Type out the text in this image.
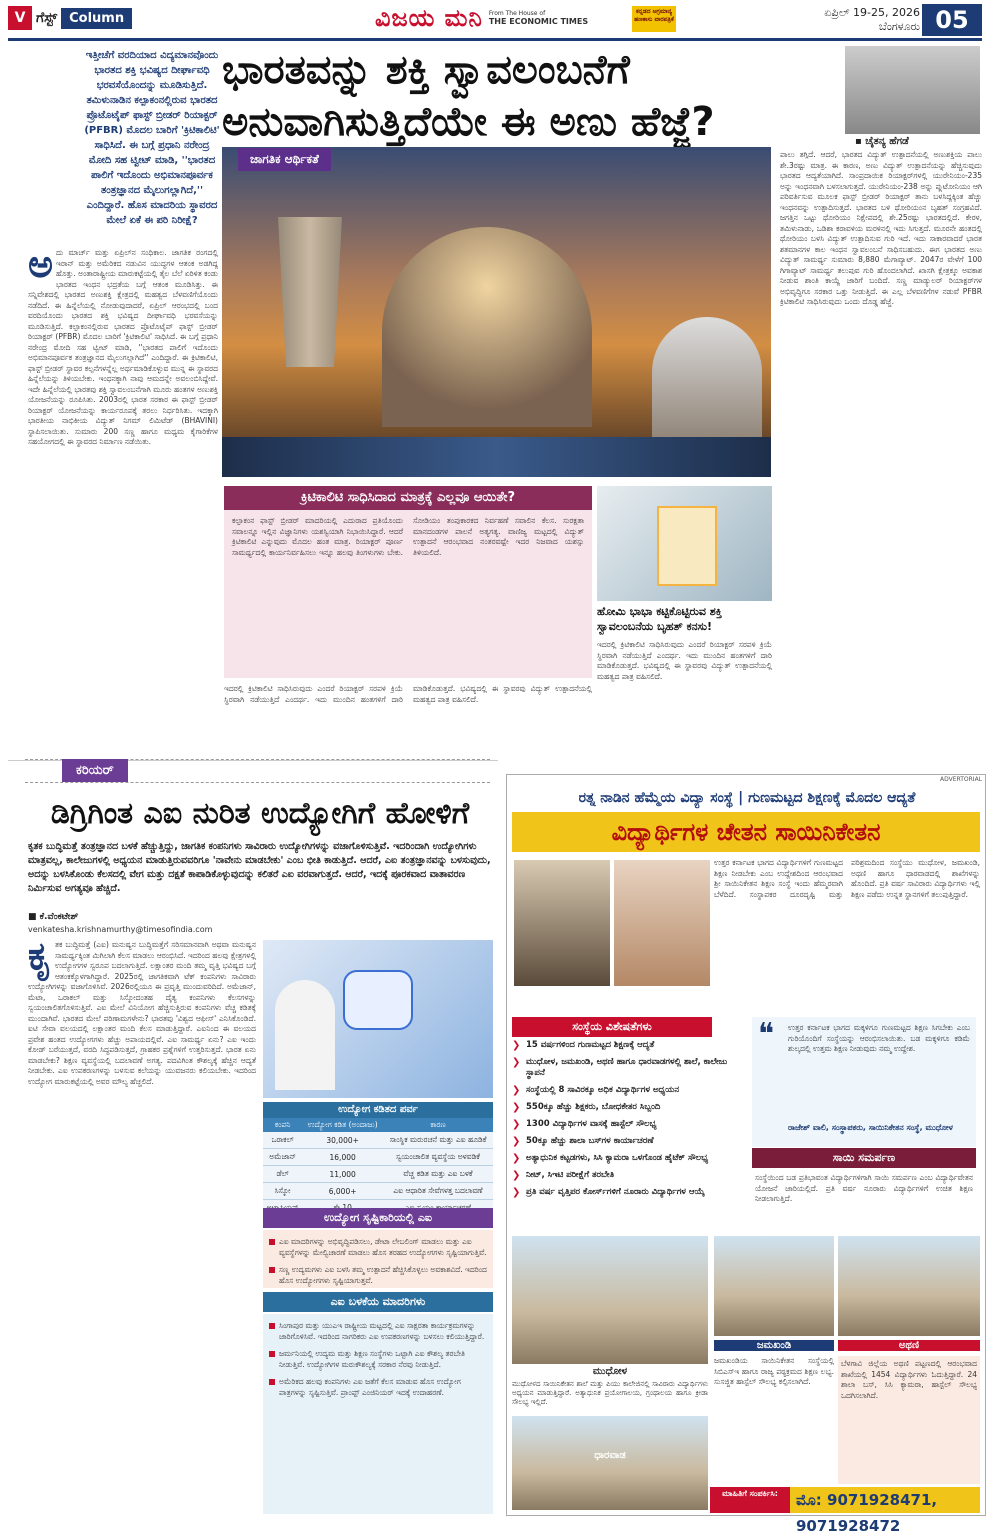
V ಗೆಸ್ಟ್ Column	ವಿಜಯ ಮನಿ From The House of
THE ECONOMIC TIMES
ಕನ್ನಡದ ಅಗ್ರಮಾನ್ಯ ಹಣಕಾಸು ವಾರಪತ್ರಿಕೆ
ಏಪ್ರಿಲ್ 19-25, 2026
ಬೆಂಗಳೂರು 05
ಇತ್ತೀಚೆಗೆ ವರದಿಯಾದ ವಿದ್ಯಮಾನವೊಂದು ಭಾರತದ ಶಕ್ತಿ ಭವಿಷ್ಯದ ದೀರ್ಘಾವಧಿ ಭರವಸೆಯೊಂದನ್ನು ಮೂಡಿಸುತ್ತಿದೆ. ತಮಿಳುನಾಡಿನ ಕಲ್ಪಾಕಂನಲ್ಲಿರುವ ಭಾರತದ ಪ್ರೊಟೊಟೈಪ್ ಫಾಸ್ಟ್ ಬ್ರೀಡರ್ ರಿಯಾಕ್ಟರ್ (PFBR) ಮೊದಲ ಬಾರಿಗೆ 'ಕ್ರಿಟಿಕಾಲಿಟಿ' ಸಾಧಿಸಿದೆ. ಈ ಬಗ್ಗೆ ಪ್ರಧಾನಿ ನರೇಂದ್ರ ಮೋದಿ ಸಹ ಟ್ವೀಟ್ ಮಾಡಿ, ''ಭಾರತದ ಪಾಲಿಗೆ ಇದೊಂದು ಅಭಿಮಾನಪೂರ್ವಕ ತಂತ್ರಜ್ಞಾನದ ಮೈಲುಗಲ್ಲಾಗಿದೆ,'' ಎಂದಿದ್ದಾರೆ. ಹೊಸ ಮಾದರಿಯ ಸ್ಥಾವರದ ಮೇಲೆ ಏಕೆ ಈ ಪರಿ ನಿರೀಕ್ಷೆ?
ಭಾರತವನ್ನು ಶಕ್ತಿ ಸ್ವಾವಲಂಬನೆಗೆ ಅನುವಾಗಿಸುತ್ತಿದೆಯೇ ಈ ಅಣು ಹೆಜ್ಜೆ?	▪ ಚೈತನ್ಯ ಹೆಗಡೆ
ಜಾಗತಿಕ ಆರ್ಥಿಕತೆ
ಅದು ಮಾರ್ಚ್ ಮತ್ತು ಏಪ್ರಿಲ್‌ನ ಸಂಧಿಕಾಲ. ಜಾಗತಿಕ ರಂಗದಲ್ಲಿ ಇರಾನ್ ಮತ್ತು ಅಮೆರಿಕದ ನಡುವಿನ ಯುದ್ಧಗಳ ಆತಂಕ ಅಡಗಿದ್ದ ಹೊತ್ತು. ಅಂತಾರಾಷ್ಟ್ರೀಯ ಮಾರುಕಟ್ಟೆಯಲ್ಲಿ ತೈಲ ಬೆಲೆ ಏರಿಳಿತ ಕಂಡು ಭಾರತದ ಇಂಧನ ಭದ್ರತೆಯ ಬಗ್ಗೆ ಆತಂಕ ಮೂಡಿಸಿತ್ತು. ಈ ಸನ್ನಿವೇಶದಲ್ಲಿ ಭಾರತದ ಅಣುಶಕ್ತಿ ಕ್ಷೇತ್ರದಲ್ಲಿ ಮಹತ್ವದ ಬೆಳವಣಿಗೆಯೊಂದು ನಡೆದಿದೆ. ಈ ಹಿನ್ನೆಲೆಯಲ್ಲಿ ನೋಡುವುದಾದರೆ, ಏಪ್ರಿಲ್ ಆರಂಭದಲ್ಲಿ ಬಂದ ವರದಿಯೊಂದು ಭಾರತದ ಶಕ್ತಿ ಭವಿಷ್ಯದ ದೀರ್ಘಾವಧಿ ಭರವಸೆಯನ್ನು ಮೂಡಿಸುತ್ತಿದೆ. ಕಲ್ಪಾಕಂನಲ್ಲಿರುವ ಭಾರತದ ಪ್ರೊಟೊಟೈಪ್ ಫಾಸ್ಟ್ ಬ್ರೀಡರ್ ರಿಯಾಕ್ಟರ್ (PFBR) ಮೊದಲ ಬಾರಿಗೆ 'ಕ್ರಿಟಿಕಾಲಿಟಿ' ಸಾಧಿಸಿದೆ. ಈ ಬಗ್ಗೆ ಪ್ರಧಾನಿ ನರೇಂದ್ರ ಮೋದಿ ಸಹ ಟ್ವೀಟ್ ಮಾಡಿ, ''ಭಾರತದ ಪಾಲಿಗೆ ಇದೊಂದು ಅಭಿಮಾನಪೂರ್ವಕ ತಂತ್ರಜ್ಞಾನದ ಮೈಲುಗಲ್ಲಾಗಿದೆ'' ಎಂದಿದ್ದಾರೆ. ಈ ಕ್ರಿಟಿಕಾಲಿಟಿ, ಫಾಸ್ಟ್ ಬ್ರೀಡರ್ ಸ್ಥಾವರ ಕಲ್ಪನೆಗಳನ್ನೆಲ್ಲ ಅರ್ಥಮಾಡಿಕೊಳ್ಳುವ ಮುನ್ನ ಈ ಸ್ಥಾವರದ ಹಿನ್ನೆಲೆಯನ್ನು ತಿಳಿಯಬೇಕು. ಇಂಧನಕ್ಕಾಗಿ ನಾವು ಆಮದನ್ನೇ ಅವಲಂಬಿಸಿದ್ದೇವೆ. ಇದೇ ಹಿನ್ನೆಲೆಯಲ್ಲಿ ಭಾರತವು ಶಕ್ತಿ ಸ್ವಾವಲಂಬನೆಗಾಗಿ ಮೂರು ಹಂತಗಳ ಅಣುಶಕ್ತಿ ಯೋಜನೆಯನ್ನು ರೂಪಿಸಿತು. 2003ರಲ್ಲಿ ಭಾರತ ಸರಕಾರ ಈ ಫಾಸ್ಟ್ ಬ್ರೀಡರ್ ರಿಯಾಕ್ಟರ್ ಯೋಜನೆಯನ್ನು ಕಾರ್ಯರೂಪಕ್ಕೆ ತರಲು ನಿರ್ಧರಿಸಿತು. ಇದಕ್ಕಾಗಿ ಭಾರತೀಯ ನಾಭಿಕೀಯ ವಿದ್ಯುತ್ ನಿಗಮ್ ಲಿಮಿಟೆಡ್ (BHAVINI) ಸ್ಥಾಪಿಸಲಾಯಿತು. ಸುಮಾರು 200 ಸಣ್ಣ ಹಾಗೂ ಮಧ್ಯಮ ಕೈಗಾರಿಕೆಗಳ ಸಹಯೋಗದಲ್ಲಿ ಈ ಸ್ಥಾವರದ ನಿರ್ಮಾಣ ನಡೆಯಿತು.
ಪಾಲು ತಗ್ಗಿದೆ. ಆದರೆ, ಭಾರತದ ವಿದ್ಯುತ್ ಉತ್ಪಾದನೆಯಲ್ಲಿ ಅಣುಶಕ್ತಿಯ ಪಾಲು ಶೇ.3ರಷ್ಟು ಮಾತ್ರ. ಈ ಕಾರಣ, ಅಣು ವಿದ್ಯುತ್ ಉತ್ಪಾದನೆಯನ್ನು ಹೆಚ್ಚಿಸುವುದು ಭಾರತದ ಆದ್ಯತೆಯಾಗಿದೆ. ಸಾಂಪ್ರದಾಯಿಕ ರಿಯಾಕ್ಟರ್‌ಗಳಲ್ಲಿ ಯುರೇನಿಯಂ-235 ಅನ್ನು ಇಂಧನವಾಗಿ ಬಳಸಲಾಗುತ್ತದೆ. ಯುರೇನಿಯಂ-238 ಅನ್ನು ಪ್ಲುಟೋನಿಯಂ ಆಗಿ ಪರಿವರ್ತಿಸುವ ಮೂಲಕ ಫಾಸ್ಟ್ ಬ್ರೀಡರ್ ರಿಯಾಕ್ಟರ್ ತಾನು ಬಳಸಿದ್ದಕ್ಕಿಂತ ಹೆಚ್ಚು ಇಂಧನವನ್ನು ಉತ್ಪಾದಿಸುತ್ತದೆ. ಭಾರತದ ಬಳಿ ಥೋರಿಯಂನ ಬೃಹತ್ ಸಂಗ್ರಹವಿದೆ. ಜಗತ್ತಿನ ಒಟ್ಟು ಥೋರಿಯಂ ನಿಕ್ಷೇಪದಲ್ಲಿ ಶೇ.25ರಷ್ಟು ಭಾರತದಲ್ಲಿದೆ. ಕೇರಳ, ತಮಿಳುನಾಡು, ಒಡಿಶಾ ಕರಾವಳಿಯ ಮರಳಿನಲ್ಲಿ ಇದು ಸಿಗುತ್ತದೆ. ಮೂರನೇ ಹಂತದಲ್ಲಿ ಥೋರಿಯಂ ಬಳಸಿ ವಿದ್ಯುತ್ ಉತ್ಪಾದಿಸುವ ಗುರಿ ಇದೆ. ಇದು ಸಾಕಾರವಾದರೆ ಭಾರತ ಶತಮಾನಗಳ ಕಾಲ ಇಂಧನ ಸ್ವಾವಲಂಬನೆ ಸಾಧಿಸಬಹುದು. ಈಗ ಭಾರತದ ಅಣು ವಿದ್ಯುತ್ ಸಾಮರ್ಥ್ಯ ಸುಮಾರು 8,880 ಮೆಗಾವ್ಯಾಟ್. 2047ರ ವೇಳೆಗೆ 100 ಗಿಗಾವ್ಯಾಟ್ ಸಾಮರ್ಥ್ಯ ತಲುಪುವ ಗುರಿ ಹೊಂದಲಾಗಿದೆ. ಖಾಸಗಿ ಕ್ಷೇತ್ರಕ್ಕೂ ಅವಕಾಶ ನೀಡುವ ಶಾಂತಿ ಕಾಯ್ದೆ ಜಾರಿಗೆ ಬಂದಿದೆ. ಸಣ್ಣ ಮಾಡ್ಯುಲರ್ ರಿಯಾಕ್ಟರ್‌ಗಳ ಅಭಿವೃದ್ಧಿಗೂ ಸರಕಾರ ಒತ್ತು ನೀಡುತ್ತಿದೆ. ಈ ಎಲ್ಲ ಬೆಳವಣಿಗೆಗಳ ನಡುವೆ PFBR ಕ್ರಿಟಿಕಾಲಿಟಿ ಸಾಧಿಸಿರುವುದು ಒಂದು ದೊಡ್ಡ ಹೆಜ್ಜೆ.
ಕ್ರಿಟಿಕಾಲಿಟಿ ಸಾಧಿಸಿದಾದ ಮಾತ್ರಕ್ಕೆ ಎಲ್ಲವೂ ಆಯಿತೇ?
ಕಲ್ಪಾಕಂನ ಫಾಸ್ಟ್ ಬ್ರೀಡರ್ ಮಾದರಿಯಲ್ಲಿ ಎದುರಾದ ಪ್ರತಿಯೊಂದು ಸವಾಲನ್ನೂ ಇಲ್ಲಿನ ವಿಜ್ಞಾನಿಗಳು ಯಶಸ್ವಿಯಾಗಿ ನಿಭಾಯಿಸಿದ್ದಾರೆ. ಆದರೆ ಕ್ರಿಟಿಕಾಲಿಟಿ ಎನ್ನುವುದು ಮೊದಲ ಹಂತ ಮಾತ್ರ. ರಿಯಾಕ್ಟರ್ ಪೂರ್ಣ ಸಾಮರ್ಥ್ಯದಲ್ಲಿ ಕಾರ್ಯನಿರ್ವಹಿಸಲು ಇನ್ನೂ ಹಲವು ತಿಂಗಳುಗಳು ಬೇಕು. ಸೋಡಿಯಂ ತಂಪುಕಾರಕದ ನಿರ್ವಹಣೆ ಸವಾಲಿನ ಕೆಲಸ. ಸುರಕ್ಷತಾ ಮಾನದಂಡಗಳ ಪಾಲನೆ ಅತ್ಯಗತ್ಯ. ವಾಣಿಜ್ಯ ಮಟ್ಟದಲ್ಲಿ ವಿದ್ಯುತ್ ಉತ್ಪಾದನೆ ಆರಂಭವಾದ ನಂತರವಷ್ಟೇ ಇದರ ನಿಜವಾದ ಯಶಸ್ಸು ತಿಳಿಯಲಿದೆ.
ಹೋಮಿ ಭಾಭಾ ಕಟ್ಟಿಕೊಟ್ಟಿರುವ ಶಕ್ತಿ ಸ್ವಾವಲಂಬನೆಯ ಬೃಹತ್ ಕನಸು!
ಇದರಲ್ಲಿ ಕ್ರಿಟಿಕಾಲಿಟಿ ಸಾಧಿಸಿರುವುದು ಎಂದರೆ ರಿಯಾಕ್ಟರ್ ಸರಪಳಿ ಕ್ರಿಯೆ ಸ್ಥಿರವಾಗಿ ನಡೆಯುತ್ತಿದೆ ಎಂದರ್ಥ. ಇದು ಮುಂದಿನ ಹಂತಗಳಿಗೆ ದಾರಿ ಮಾಡಿಕೊಡುತ್ತದೆ. ಭವಿಷ್ಯದಲ್ಲಿ ಈ ಸ್ಥಾವರವು ವಿದ್ಯುತ್ ಉತ್ಪಾದನೆಯಲ್ಲಿ ಮಹತ್ವದ ಪಾತ್ರ ವಹಿಸಲಿದೆ.
ಇದರಲ್ಲಿ ಕ್ರಿಟಿಕಾಲಿಟಿ ಸಾಧಿಸಿರುವುದು ಎಂದರೆ ರಿಯಾಕ್ಟರ್ ಸರಪಳಿ ಕ್ರಿಯೆ ಸ್ಥಿರವಾಗಿ ನಡೆಯುತ್ತಿದೆ ಎಂದರ್ಥ. ಇದು ಮುಂದಿನ ಹಂತಗಳಿಗೆ ದಾರಿ ಮಾಡಿಕೊಡುತ್ತದೆ. ಭವಿಷ್ಯದಲ್ಲಿ ಈ ಸ್ಥಾವರವು ವಿದ್ಯುತ್ ಉತ್ಪಾದನೆಯಲ್ಲಿ ಮಹತ್ವದ ಪಾತ್ರ ವಹಿಸಲಿದೆ.
ಕರಿಯರ್
ಡಿಗ್ರಿಗಿಂತ ಎಐ ನುರಿತ ಉದ್ಯೋಗಿಗೆ ಹೋಳಿಗೆ
ಕೃತಕ ಬುದ್ಧಿಮತ್ತೆ ತಂತ್ರಜ್ಞಾನದ ಬಳಕೆ ಹೆಚ್ಚುತ್ತಿದ್ದು, ಜಾಗತಿಕ ಕಂಪನಿಗಳು ಸಾವಿರಾರು ಉದ್ಯೋಗಿಗಳನ್ನು ವಜಾಗೊಳಿಸುತ್ತಿವೆ. ಇದರಿಂದಾಗಿ ಉದ್ಯೋಗಿಗಳು ಮಾತ್ರವಲ್ಲ, ಕಾಲೇಜುಗಳಲ್ಲಿ ಅಧ್ಯಯನ ಮಾಡುತ್ತಿರುವವರಿಗೂ 'ನಾವೇನು ಮಾಡಬೇಕು' ಎಂಬ ಭೀತಿ ಕಾಡುತ್ತಿದೆ. ಆದರೆ, ಎಐ ತಂತ್ರಜ್ಞಾನವನ್ನು ಬಳಸುವುದು, ಅದನ್ನು ಬಳಸಿಕೊಂಡು ಕೆಲಸದಲ್ಲಿ ವೇಗ ಮತ್ತು ದಕ್ಷತೆ ಕಾಪಾಡಿಕೊಳ್ಳುವುದನ್ನು ಕಲಿತರೆ ಎಐ ವರವಾಗುತ್ತದೆ. ಆದರೆ, ಇದಕ್ಕೆ ಪೂರಕವಾದ ವಾತಾವರಣ ನಿರ್ಮಿಸುವ ಅಗತ್ಯವೂ ಹೆಚ್ಚಿದೆ.
■ ಕೆ.ವೆಂಕಟೇಶ್
venkatesha.krishnamurthy@timesofindia.com
ಕೃತಕ ಬುದ್ಧಿಮತ್ತೆ (ಎಐ) ಮನುಷ್ಯನ ಬುದ್ಧಿಮತ್ತೆಗೆ ಸರಿಸಮಾನವಾಗಿ ಅಥವಾ ಮನುಷ್ಯನ ಸಾಮರ್ಥ್ಯಕ್ಕಿಂತ ಮಿಗಿಲಾಗಿ ಕೆಲಸ ಮಾಡಲು ಆರಂಭಿಸಿದೆ. ಇದರಿಂದ ಹಲವು ಕ್ಷೇತ್ರಗಳಲ್ಲಿ ಉದ್ಯೋಗಗಳ ಸ್ವರೂಪ ಬದಲಾಗುತ್ತಿದೆ. ಲಕ್ಷಾಂತರ ಮಂದಿ ತಮ್ಮ ವೃತ್ತಿ ಭವಿಷ್ಯದ ಬಗ್ಗೆ ಆತಂಕಕ್ಕೊಳಗಾಗಿದ್ದಾರೆ. 2025ರಲ್ಲಿ ಜಾಗತಿಕವಾಗಿ ಟೆಕ್ ಕಂಪನಿಗಳು ಸಾವಿರಾರು ಉದ್ಯೋಗಿಗಳನ್ನು ವಜಾಗೊಳಿಸಿವೆ. 2026ರಲ್ಲಿಯೂ ಈ ಪ್ರವೃತ್ತಿ ಮುಂದುವರಿದಿದೆ. ಅಮೆಜಾನ್, ಮೆಟಾ, ಒರಾಕಲ್ ಮತ್ತು ಸಿಸ್ಕೋದಂತಹ ದೈತ್ಯ ಕಂಪನಿಗಳು ಕೆಲಸಗಳನ್ನು ಸ್ವಯಂಚಾಲಿತಗೊಳಿಸುತ್ತಿವೆ. ಎಐ ಮೇಲೆ ವಿನಿಯೋಗ ಹೆಚ್ಚಿಸುತ್ತಿರುವ ಕಂಪನಿಗಳು ವೆಚ್ಚ ಕಡಿತಕ್ಕೆ ಮುಂದಾಗಿವೆ. ಭಾರತದ ಮೇಲೆ ಪರಿಣಾಮಗಳೇನು? ಭಾರತವು 'ವಿಶ್ವದ ಆಫೀಸ್' ಎನಿಸಿಕೊಂಡಿದೆ. ಐಟಿ ಸೇವಾ ವಲಯದಲ್ಲಿ ಲಕ್ಷಾಂತರ ಮಂದಿ ಕೆಲಸ ಮಾಡುತ್ತಿದ್ದಾರೆ. ಎಐನಿಂದ ಈ ವಲಯದ ಪ್ರವೇಶ ಹಂತದ ಉದ್ಯೋಗಗಳು ಹೆಚ್ಚು ಅಪಾಯದಲ್ಲಿವೆ. ಎಐ ಸಾಮರ್ಥ್ಯ ಏನು? ಎಐ ಇಂದು ಕೋಡ್ ಬರೆಯುತ್ತದೆ, ವರದಿ ಸಿದ್ಧಪಡಿಸುತ್ತದೆ, ಗ್ರಾಹಕರ ಪ್ರಶ್ನೆಗಳಿಗೆ ಉತ್ತರಿಸುತ್ತದೆ. ಭಾರತ ಏನು ಮಾಡಬೇಕು? ಶಿಕ್ಷಣ ವ್ಯವಸ್ಥೆಯಲ್ಲಿ ಬದಲಾವಣೆ ಅಗತ್ಯ. ಪದವಿಗಿಂತ ಕೌಶಲ್ಯಕ್ಕೆ ಹೆಚ್ಚಿನ ಆದ್ಯತೆ ನೀಡಬೇಕು. ಎಐ ಉಪಕರಣಗಳನ್ನು ಬಳಸುವ ಕಲೆಯನ್ನು ಯುವಜನರು ಕಲಿಯಬೇಕು. ಇದರಿಂದ ಉದ್ಯೋಗ ಮಾರುಕಟ್ಟೆಯಲ್ಲಿ ಅವರ ಮೌಲ್ಯ ಹೆಚ್ಚಲಿದೆ.
ಉದ್ಯೋಗ ಕಡಿತದ ಪರ್ವ
ಕಂಪನಿ	ಉದ್ಯೋಗ ಕಡಿತ (ಅಂದಾಜು)	ಕಾರಣ
ಒರಾಕಲ್	30,000+	ಸಾಂಸ್ಥಿಕ ಮರುರಚನೆ ಮತ್ತು ಎಐ ಹೂಡಿಕೆ
ಅಮೆಜಾನ್	16,000	ಸ್ವಯಂಚಾಲಿತ ವ್ಯವಸ್ಥೆಯ ಅಳವಡಿಕೆ
ಡೆಲ್	11,000	ವೆಚ್ಚ ಕಡಿತ ಮತ್ತು ಎಐ ಬಳಕೆ
ಸಿಸ್ಕೋ	6,000+	ಎಐ ಆಧಾರಿತ ಸೇವೆಗಳತ್ತ ಬದಲಾವಣೆ

ಉದ್ಯೋಗ ಸೃಷ್ಟಿಕಾರಿಯಲ್ಲಿ ಎಐ
ಎಐ ಮಾದರಿಗಳನ್ನು ಅಭಿವೃದ್ಧಿಪಡಿಸಲು, ಡೇಟಾ ಲೇಬಲಿಂಗ್ ಮಾಡಲು ಮತ್ತು ಎಐ ವ್ಯವಸ್ಥೆಗಳನ್ನು ಮೇಲ್ವಿಚಾರಣೆ ಮಾಡಲು ಹೊಸ ತರಹದ ಉದ್ಯೋಗಗಳು ಸೃಷ್ಟಿಯಾಗುತ್ತಿವೆ.
ಸಣ್ಣ ಉದ್ಯಮಗಳು ಎಐ ಬಳಸಿ ತಮ್ಮ ಉತ್ಪಾದನೆ ಹೆಚ್ಚಿಸಿಕೊಳ್ಳಲು ಅವಕಾಶವಿದೆ. ಇದರಿಂದ ಹೊಸ ಉದ್ಯೋಗಗಳು ಸೃಷ್ಟಿಯಾಗುತ್ತವೆ.
ಎಐ ಬಳಕೆಯ ಮಾದರಿಗಳು
ಸಿಂಗಾಪುರ ಮತ್ತು ಯುಎಇ ರಾಷ್ಟ್ರೀಯ ಮಟ್ಟದಲ್ಲಿ ಎಐ ಸಾಕ್ಷರತಾ ಕಾರ್ಯಕ್ರಮಗಳನ್ನು ಜಾರಿಗೊಳಿಸಿವೆ. ಇದರಿಂದ ನಾಗರಿಕರು ಎಐ ಉಪಕರಣಗಳನ್ನು ಬಳಸಲು ಕಲಿಯುತ್ತಿದ್ದಾರೆ.
ಜರ್ಮನಿಯಲ್ಲಿ ಉದ್ಯಮ ಮತ್ತು ಶಿಕ್ಷಣ ಸಂಸ್ಥೆಗಳು ಒಟ್ಟಾಗಿ ಎಐ ಕೌಶಲ್ಯ ತರಬೇತಿ ನೀಡುತ್ತಿವೆ. ಉದ್ಯೋಗಿಗಳ ಮರುಕೌಶಲ್ಯಕ್ಕೆ ಸರಕಾರ ನೆರವು ನೀಡುತ್ತಿದೆ.
ಅಮೆರಿಕದ ಹಲವು ಕಂಪನಿಗಳು ಎಐ ಜತೆಗೆ ಕೆಲಸ ಮಾಡುವ ಹೊಸ ಉದ್ಯೋಗ ಪಾತ್ರಗಳನ್ನು ಸೃಷ್ಟಿಸುತ್ತಿವೆ. ಪ್ರಾಂಪ್ಟ್ ಎಂಜಿನಿಯರ್ ಇದಕ್ಕೆ ಉದಾಹರಣೆ.
ADVERTORIAL
ರತ್ನ ನಾಡಿನ ಹೆಮ್ಮೆಯ ವಿದ್ಯಾ ಸಂಸ್ಥೆ | ಗುಣಮಟ್ಟದ ಶಿಕ್ಷಣಕ್ಕೆ ಮೊದಲ ಆದ್ಯತೆ
ವಿದ್ಯಾರ್ಥಿಗಳ ಚೇತನ ಸಾಯಿನಿಕೇತನ
ಉತ್ತರ ಕರ್ನಾಟಕ ಭಾಗದ ವಿದ್ಯಾರ್ಥಿಗಳಿಗೆ ಗುಣಮಟ್ಟದ ಶಿಕ್ಷಣ ನೀಡಬೇಕು ಎಂಬ ಉದ್ದೇಶದಿಂದ ಆರಂಭವಾದ ಶ್ರೀ ಸಾಯಿನಿಕೇತನ ಶಿಕ್ಷಣ ಸಂಸ್ಥೆ ಇಂದು ಹೆಮ್ಮರವಾಗಿ ಬೆಳೆದಿದೆ. ಸಂಸ್ಥಾಪಕರ ದೂರದೃಷ್ಟಿ ಮತ್ತು ಪರಿಶ್ರಮದಿಂದ ಸಂಸ್ಥೆಯು ಮುಧೋಳ, ಜಮಖಂಡಿ, ಅಥಣಿ ಹಾಗೂ ಧಾರವಾಡದಲ್ಲಿ ಶಾಖೆಗಳನ್ನು ಹೊಂದಿದೆ. ಪ್ರತಿ ವರ್ಷ ಸಾವಿರಾರು ವಿದ್ಯಾರ್ಥಿಗಳು ಇಲ್ಲಿ ಶಿಕ್ಷಣ ಪಡೆದು ಉನ್ನತ ಸ್ಥಾನಗಳಿಗೆ ತಲುಪುತ್ತಿದ್ದಾರೆ.
ಸಂಸ್ಥೆಯ ವಿಶೇಷತೆಗಳು
❯ 15 ವರ್ಷಗಳಿಂದ ಗುಣಮಟ್ಟದ ಶಿಕ್ಷಣಕ್ಕೆ ಆದ್ಯತೆ
❯ ಮುಧೋಳ, ಜಮಖಂಡಿ, ಅಥಣಿ ಹಾಗೂ ಧಾರವಾಡಗಳಲ್ಲಿ ಶಾಲೆ, ಕಾಲೇಜು ಸ್ಥಾಪನೆ
❯ ಸಂಸ್ಥೆಯಲ್ಲಿ 8 ಸಾವಿರಕ್ಕೂ ಅಧಿಕ ವಿದ್ಯಾರ್ಥಿಗಳ ಅಧ್ಯಯನ
❯ 550ಕ್ಕೂ ಹೆಚ್ಚು ಶಿಕ್ಷಕರು, ಬೋಧಕೇತರ ಸಿಬ್ಬಂದಿ
❯ 1300 ವಿದ್ಯಾರ್ಥಿಗಳ ವಾಸಕ್ಕೆ ಹಾಸ್ಟೆಲ್ ಸೌಲಭ್ಯ
❯ 50ಕ್ಕೂ ಹೆಚ್ಚು ಶಾಲಾ ಬಸ್‌ಗಳ ಕಾರ್ಯಾಚರಣೆ
❯ ಅತ್ಯಾಧುನಿಕ ಕಟ್ಟಡಗಳು, ಸಿಸಿ ಕ್ಯಾಮರಾ ಒಳಗೊಂಡ ಹೈಟೆಕ್ ಸೌಲಭ್ಯ
❯ ನೀಟ್, ಸಿಇಟಿ ಪರೀಕ್ಷೆಗೆ ತರಬೇತಿ
❯ ಪ್ರತಿ ವರ್ಷ ವೃತ್ತಿಪರ ಕೋರ್ಸ್‌ಗಳಿಗೆ ನೂರಾರು ವಿದ್ಯಾರ್ಥಿಗಳ ಆಯ್ಕೆ
❝ ಉತ್ತರ ಕರ್ನಾಟಕ ಭಾಗದ ಮಕ್ಕಳಿಗೂ ಗುಣಮಟ್ಟದ ಶಿಕ್ಷಣ ಸಿಗಬೇಕು ಎಂಬ ಗುರಿಯೊಂದಿಗೆ ಸಂಸ್ಥೆಯನ್ನು ಆರಂಭಿಸಲಾಯಿತು. ಬಡ ಮಕ್ಕಳಿಗೂ ಕಡಿಮೆ ಶುಲ್ಕದಲ್ಲಿ ಉತ್ತಮ ಶಿಕ್ಷಣ ನೀಡುವುದು ನಮ್ಮ ಉದ್ದೇಶ.
ರಾಜೇಶ್ ವಾಲಿ, ಸಂಸ್ಥಾಪಕರು, ಸಾಯಿನಿಕೇತನ ಸಂಸ್ಥೆ, ಮುಧೋಳ
ಸಾಯಿ ಸಮರ್ಪಣ
ಸಂಸ್ಥೆಯಿಂದ ಬಡ ಪ್ರತಿಭಾವಂತ ವಿದ್ಯಾರ್ಥಿಗಳಿಗಾಗಿ ಸಾಯಿ ಸಮರ್ಪಣ ಎಂಬ ವಿದ್ಯಾರ್ಥಿವೇತನ ಯೋಜನೆ ಜಾರಿಯಲ್ಲಿದೆ. ಪ್ರತಿ ವರ್ಷ ನೂರಾರು ವಿದ್ಯಾರ್ಥಿಗಳಿಗೆ ಉಚಿತ ಶಿಕ್ಷಣ ನೀಡಲಾಗುತ್ತಿದೆ.
ಮುಧೋಳ
ಜಮಖಂಡಿ	ಅಥಣಿ
ಮುಧೋಳದ ಸಾಯಿನಿಕೇತನ ಶಾಲೆ ಮತ್ತು ಪಿಯು ಕಾಲೇಜಿನಲ್ಲಿ ಸಾವಿರಾರು ವಿದ್ಯಾರ್ಥಿಗಳು ಅಧ್ಯಯನ ಮಾಡುತ್ತಿದ್ದಾರೆ. ಅತ್ಯಾಧುನಿಕ ಪ್ರಯೋಗಾಲಯ, ಗ್ರಂಥಾಲಯ ಹಾಗೂ ಕ್ರೀಡಾ ಸೌಲಭ್ಯ ಇಲ್ಲಿದೆ.
ಧಾರವಾಡ
ಜಮಖಂಡಿಯ ಸಾಯಿನಿಕೇತನ ಸಂಸ್ಥೆಯಲ್ಲಿ ಸಿಬಿಎಸ್‌ಇ ಹಾಗೂ ರಾಜ್ಯ ಪಠ್ಯಕ್ರಮದ ಶಿಕ್ಷಣ ಲಭ್ಯ. ಸುಸಜ್ಜಿತ ಹಾಸ್ಟೆಲ್ ಸೌಲಭ್ಯ ಕಲ್ಪಿಸಲಾಗಿದೆ.
ಬೆಳಗಾವಿ ಜಿಲ್ಲೆಯ ಅಥಣಿ ಪಟ್ಟಣದಲ್ಲಿ ಆರಂಭವಾದ ಶಾಖೆಯಲ್ಲಿ 1454 ವಿದ್ಯಾರ್ಥಿಗಳು ಓದುತ್ತಿದ್ದಾರೆ. 24 ಶಾಲಾ ಬಸ್, ಸಿಸಿ ಕ್ಯಾಮರಾ, ಹಾಸ್ಟೆಲ್ ಸೌಲಭ್ಯ ಒದಗಿಸಲಾಗಿದೆ.
ಮೊ: 9071928471, 9071928472
ಮಾಹಿತಿಗೆ ಸಂಪರ್ಕಿಸಿ:
